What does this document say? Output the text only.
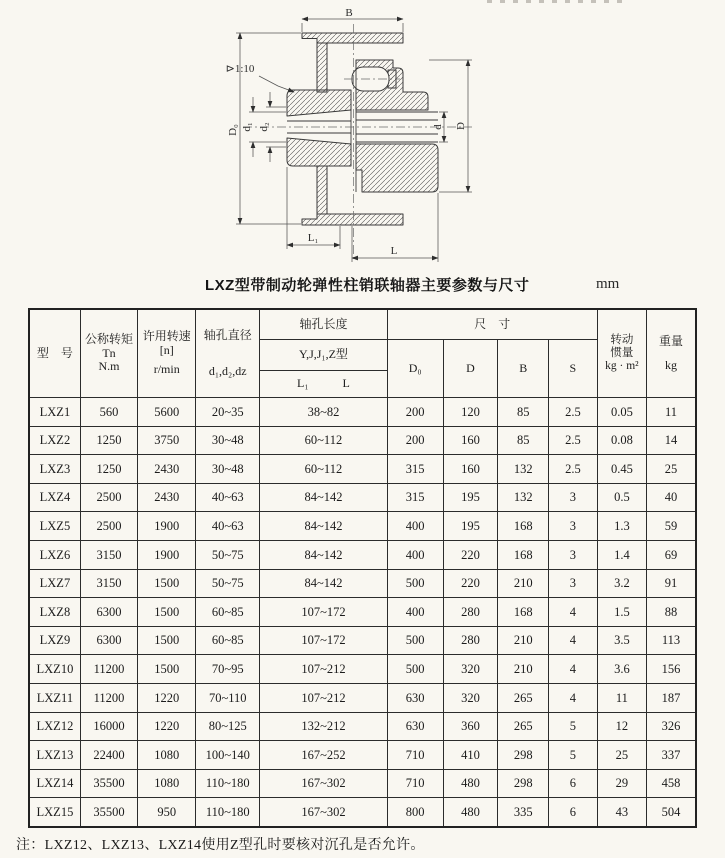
B
⊳1:10
D₀ d₁ d₂	d D
L₁
L
LXZ型带制动轮弹性柱销联轴器主要参数与尺寸	mm
型　号	公称转矩Tn
N.m	许用转速
[n]
r/min	轴孔直径
d₁,d₂,dz	轴孔长度	尺　寸				转动
惯量
kg · m²	重量
kg

				Y,J,J₁,Z型	D₀	D	B	S		

				L₁ L						

LXZ1	560	5600	20~35	38~82	200	120	85	2.5	0.05	11
LXZ2	1250	3750	30~48	60~112	200	160	85	2.5	0.08	14
LXZ3	1250	2430	30~48	60~112	315	160	132	2.5	0.45	25
LXZ4	2500	2430	40~63	84~142	315	195	132	3	0.5	40
LXZ5	2500	1900	40~63	84~142	400	195	168	3	1.3	59
LXZ6	3150	1900	50~75	84~142	400	220	168	3	1.4	69
LXZ7	3150	1500	50~75	84~142	500	220	210	3	3.2	91
LXZ8	6300	1500	60~85	107~172	400	280	168	4	1.5	88
LXZ9	6300	1500	60~85	107~172	500	280	210	4	3.5	113
LXZ10	11200	1500	70~95	107~212	500	320	210	4	3.6	156
LXZ11	11200	1220	70~110	107~212	630	320	265	4	11	187
LXZ12	16000	1220	80~125	132~212	630	360	265	5	12	326
LXZ13	22400	1080	100~140	167~252	710	410	298	5	25	337
LXZ14	35500	1080	110~180	167~302	710	480	298	6	29	458
LXZ15	35500	950	110~180	167~302	800	480	335	6	43	504
注：LXZ12、LXZ13、LXZ14使用Z型孔时要核对沉孔是否允许。
